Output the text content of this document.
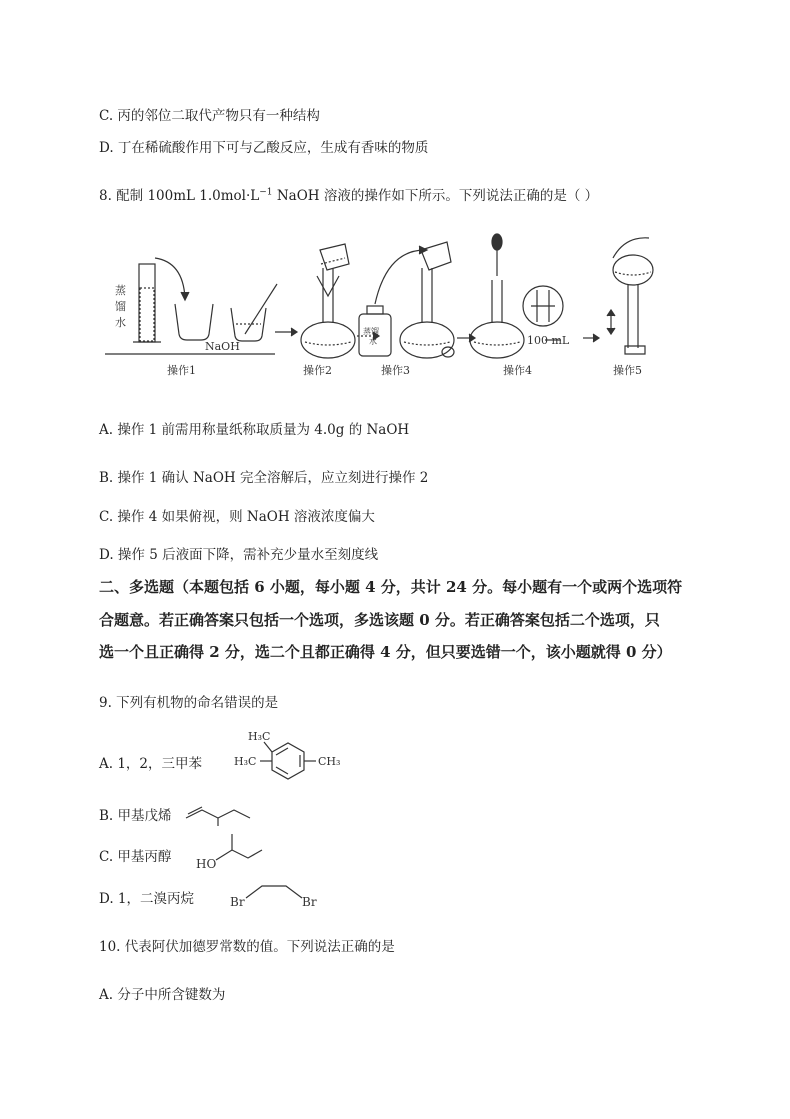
C. 丙的邻位二取代产物只有一种结构
D. 丁在稀硫酸作用下可与乙酸反应，生成有香味的物质
8. 配制 100mL $1.0mol\cdot L^{-1}$ NaOH 溶液的操作如下所示。下列说法正确的是（ ）
蒸
馏
水
NaOH
蒸馏
水	100 mL
操作1	操作2	操作3	操作4	操作5
A. 操作 1 前需用称量纸称取质量为 4.0g 的 NaOH
B. 操作 1 确认 NaOH 完全溶解后，应立刻进行操作 2
C. 操作 4 如果俯视，则 NaOH 溶液浓度偏大
D. 操作 5 后液面下降，需补充少量水至刻度线
二、多选题（本题包括 6 小题，每小题 4 分，共计 24 分。每小题有一个或两个选项符
合题意。若正确答案只包括一个选项，多选该题 0 分。若正确答案包括二个选项，只
选一个且正确得 2 分，选二个且都正确得 4 分，但只要选错一个，该小题就得 0 分）
9. 下列有机物的命名错误的是
A. 1，2，三甲苯
H₃C
H₃C	CH₃
B. 甲基戊烯
C. 甲基丙醇 HO
D. 1，二溴丙烷	Br	Br
10. 代表阿伏加德罗常数的值。下列说法正确的是
A. 分子中所含键数为
